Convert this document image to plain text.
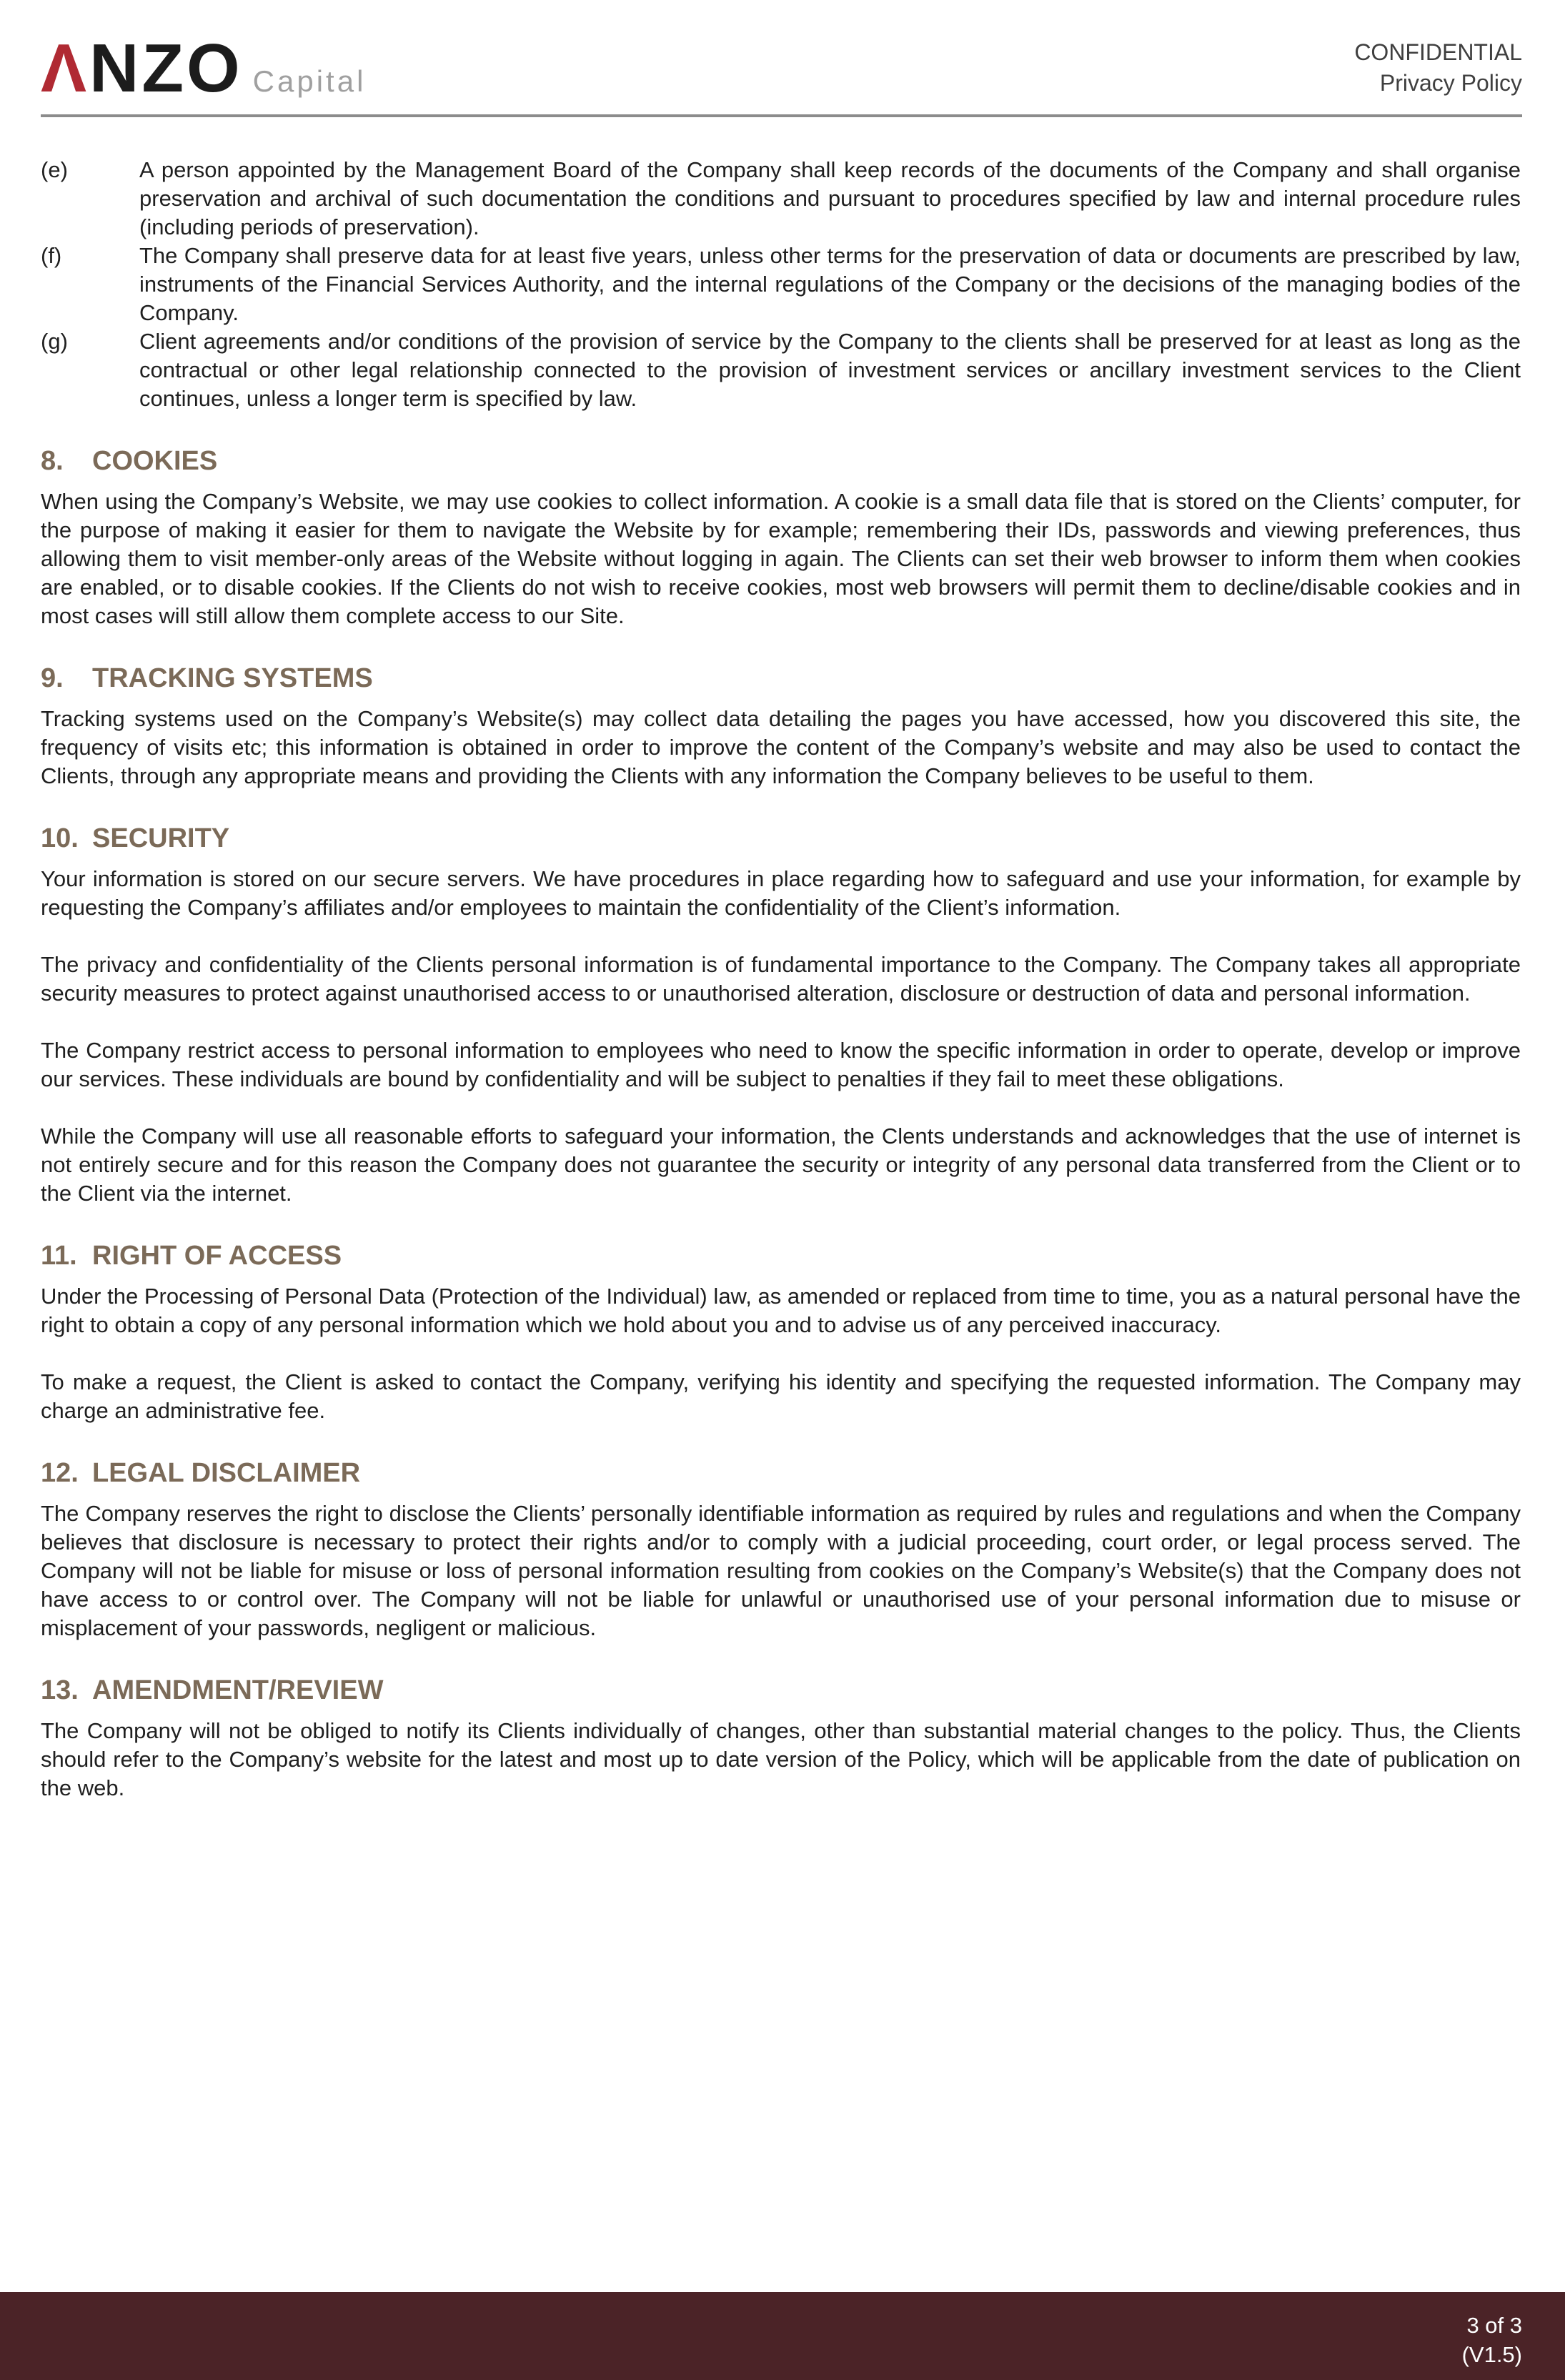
ΛNZO Capital
CONFIDENTIAL
Privacy Policy
(e)	A person appointed by the Management Board of the Company shall keep records of the documents of the Company and shall organise preservation and archival of such documentation the conditions and pursuant to procedures specified by law and internal procedure rules (including periods of preservation).
(f)	The Company shall preserve data for at least five years, unless other terms for the preservation of data or documents are prescribed by law, instruments of the Financial Services Authority, and the internal regulations of the Company or the decisions of the managing bodies of the Company.
(g)	Client agreements and/or conditions of the provision of service by the Company to the clients shall be preserved for at least as long as the contractual or other legal relationship connected to the provision of investment services or ancillary investment services to the Client continues, unless a longer term is specified by law.
8. COOKIES

When using the Company’s Website, we may use cookies to collect information. A cookie is a small data file that is stored on the Clients’ computer, for the purpose of making it easier for them to navigate the Website by for example; remembering their IDs, passwords and viewing preferences, thus allowing them to visit member-only areas of the Website without logging in again. The Clients can set their web browser to inform them when cookies are enabled, or to disable cookies. If the Clients do not wish to receive cookies, most web browsers will permit them to decline/disable cookies and in most cases will still allow them complete access to our Site.

9. TRACKING SYSTEMS

Tracking systems used on the Company’s Website(s) may collect data detailing the pages you have accessed, how you discovered this site, the frequency of visits etc; this information is obtained in order to improve the content of the Company’s website and may also be used to contact the Clients, through any appropriate means and providing the Clients with any information the Company believes to be useful to them.

10. SECURITY

Your information is stored on our secure servers. We have procedures in place regarding how to safeguard and use your information, for example by requesting the Company’s affiliates and/or employees to maintain the confidentiality of the Client’s information.

The privacy and confidentiality of the Clients personal information is of fundamental importance to the Company. The Company takes all appropriate security measures to protect against unauthorised access to or unauthorised alteration, disclosure or destruction of data and personal information.

The Company restrict access to personal information to employees who need to know the specific information in order to operate, develop or improve our services. These individuals are bound by confidentiality and will be subject to penalties if they fail to meet these obligations.

While the Company will use all reasonable efforts to safeguard your information, the Clents understands and acknowledges that the use of internet is not entirely secure and for this reason the Company does not guarantee the security or integrity of any personal data transferred from the Client or to the Client via the internet.

11. RIGHT OF ACCESS

Under the Processing of Personal Data (Protection of the Individual) law, as amended or replaced from time to time, you as a natural personal have the right to obtain a copy of any personal information which we hold about you and to advise us of any perceived inaccuracy.

To make a request, the Client is asked to contact the Company, verifying his identity and specifying the requested information. The Company may charge an administrative fee.

12. LEGAL DISCLAIMER

The Company reserves the right to disclose the Clients’ personally identifiable information as required by rules and regulations and when the Company believes that disclosure is necessary to protect their rights and/or to comply with a judicial proceeding, court order, or legal process served. The Company will not be liable for misuse or loss of personal information resulting from cookies on the Company’s Website(s) that the Company does not have access to or control over. The Company will not be liable for unlawful or unauthorised use of your personal information due to misuse or misplacement of your passwords, negligent or malicious.

13. AMENDMENT/REVIEW

The Company will not be obliged to notify its Clients individually of changes, other than substantial material changes to the policy. Thus, the Clients should refer to the Company’s website for the latest and most up to date version of the Policy, which will be applicable from the date of publication on the web.

3 of 3
(V1.5)
